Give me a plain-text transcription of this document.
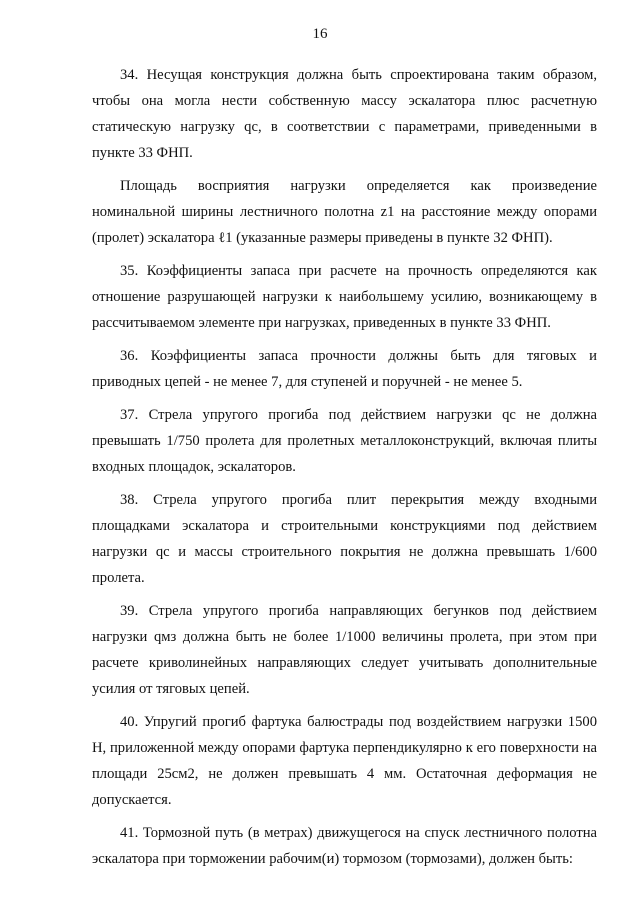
16

34. Несущая конструкция должна быть спроектирована таким образом, чтобы она могла нести собственную массу эскалатора плюс расчетную статическую нагрузку qc, в соответствии с параметрами, приведенными в пункте 33 ФНП.

Площадь восприятия нагрузки определяется как произведение номинальной ширины лестничного полотна z1 на расстояние между опорами (пролет) эскалатора ℓ1 (указанные размеры приведены в пункте 32 ФНП).

35. Коэффициенты запаса при расчете на прочность определяются как отношение разрушающей нагрузки к наибольшему усилию, возникающему в рассчитываемом элементе при нагрузках, приведенных в пункте 33 ФНП.

36. Коэффициенты запаса прочности должны быть для тяговых и приводных цепей - не менее 7, для ступеней и поручней - не менее 5.

37. Стрела упругого прогиба под действием нагрузки qc не должна превышать 1/750 пролета для пролетных металлоконструкций, включая плиты входных площадок, эскалаторов.

38. Стрела упругого прогиба плит перекрытия между входными площадками эскалатора и строительными конструкциями под действием нагрузки qc и массы строительного покрытия не должна превышать 1/600 пролета.

39. Стрела упругого прогиба направляющих бегунков под действием нагрузки qмз должна быть не более 1/1000 величины пролета, при этом при расчете криволинейных направляющих следует учитывать дополнительные усилия от тяговых цепей.

40. Упругий прогиб фартука балюстрады под воздействием нагрузки 1500 Н, приложенной между опорами фартука перпендикулярно к его поверхности на площади 25см2, не должен превышать 4 мм. Остаточная деформация не допускается.

41. Тормозной путь (в метрах) движущегося на спуск лестничного полотна эскалатора при торможении рабочим(и) тормозом (тормозами), должен быть:
